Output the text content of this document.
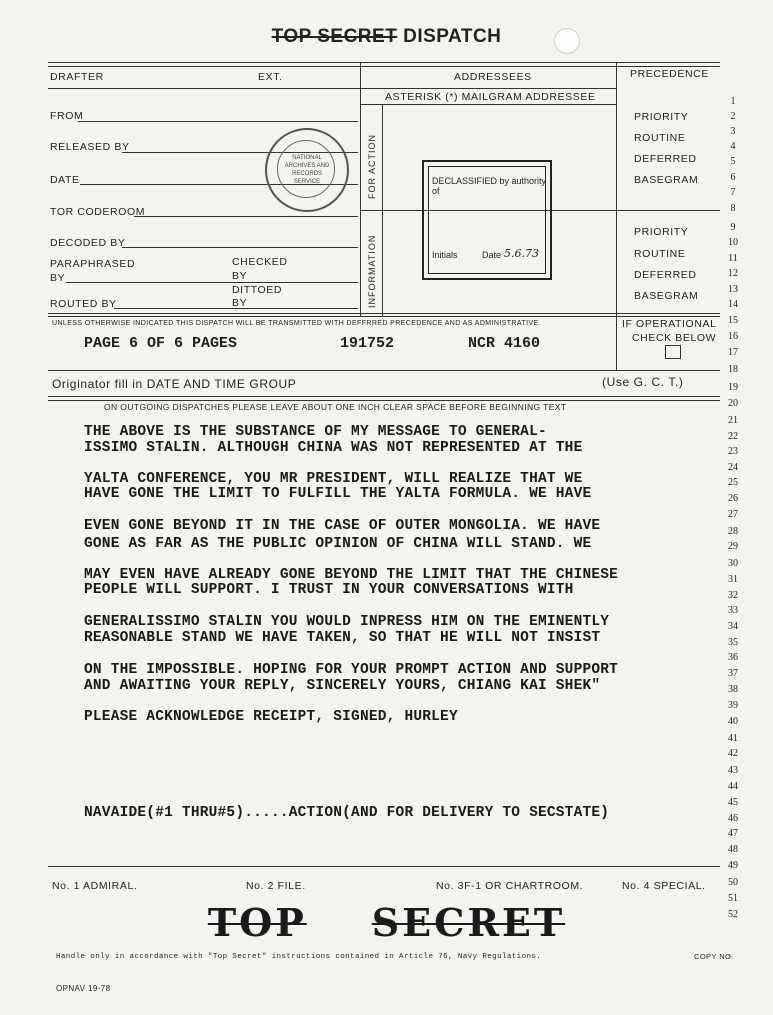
TOP SECRET DISPATCH
DRAFTER	EXT.	ADDRESSEES	PRECEDENCE
ASTERISK (*) MAILGRAM ADDRESSEE
FROM
RELEASED BY
DATE
TOR CODEROOM
DECODED BY
PARAPHRASED
BY
CHECKED
BY
DITTOED
BY
ROUTED BY
FOR ACTION
INFORMATION
NATIONAL
ARCHIVES AND
RECORDS
SERVICE	DECLASSIFIED by authority of
Initials	Date 5.6.73
PRIORITY
ROUTINE
DEFERRED
BASEGRAM
PRIORITY
ROUTINE
DEFERRED
BASEGRAM
UNLESS OTHERWISE INDICATED THIS DISPATCH WILL BE TRANSMITTED WITH DEFFRRED PRECEDENCE AND AS ADMINISTRATIVE.	IF OPERATIONAL
CHECK BELOW
PAGE 6 OF 6 PAGES	191752	NCR 4160
Originator fill in DATE AND TIME GROUP	(Use G. C. T.)
ON OUTGOING DISPATCHES PLEASE LEAVE ABOUT ONE INCH CLEAR SPACE BEFORE BEGINNING TEXT
THE ABOVE IS THE SUBSTANCE OF MY MESSAGE TO GENERAL-
ISSIMO STALIN. ALTHOUGH CHINA WAS NOT REPRESENTED AT THE
YALTA CONFERENCE, YOU MR PRESIDENT, WILL REALIZE THAT WE
HAVE GONE THE LIMIT TO FULFILL THE YALTA FORMULA. WE HAVE
EVEN GONE BEYOND IT IN THE CASE OF OUTER MONGOLIA. WE HAVE
GONE AS FAR AS THE PUBLIC OPINION OF CHINA WILL STAND. WE
MAY EVEN HAVE ALREADY GONE BEYOND THE LIMIT THAT THE CHINESE
PEOPLE WILL SUPPORT. I TRUST IN YOUR CONVERSATIONS WITH
GENERALISSIMO STALIN YOU WOULD INPRESS HIM ON THE EMINENTLY
REASONABLE STAND WE HAVE TAKEN, SO THAT HE WILL NOT INSIST
ON THE IMPOSSIBLE. HOPING FOR YOUR PROMPT ACTION AND SUPPORT
AND AWAITING YOUR REPLY, SINCERELY YOURS, CHIANG KAI SHEK"
PLEASE ACKNOWLEDGE RECEIPT, SIGNED, HURLEY
NAVAIDE(#1 THRU#5).....ACTION(AND FOR DELIVERY TO SECSTATE)
1
2
3
4
5
6
7
8
9
10
11
12
13
14
15
16
17
18
19
20
21
22
23
24
25
26
27
28
29
30
31
32
33
34
35
36
37
38
39
40
41
42
43
44
45
46
47
48
49
50
51
52
No. 1 ADMIRAL.	No. 2 FILE.	No. 3F-1 OR CHARTROOM.	No. 4 SPECIAL.
TOP SECRET
Handle only in accordance with "Top Secret" instructions contained in Article 76, Navy Regulations.	COPY NO.
OPNAV 19-78
